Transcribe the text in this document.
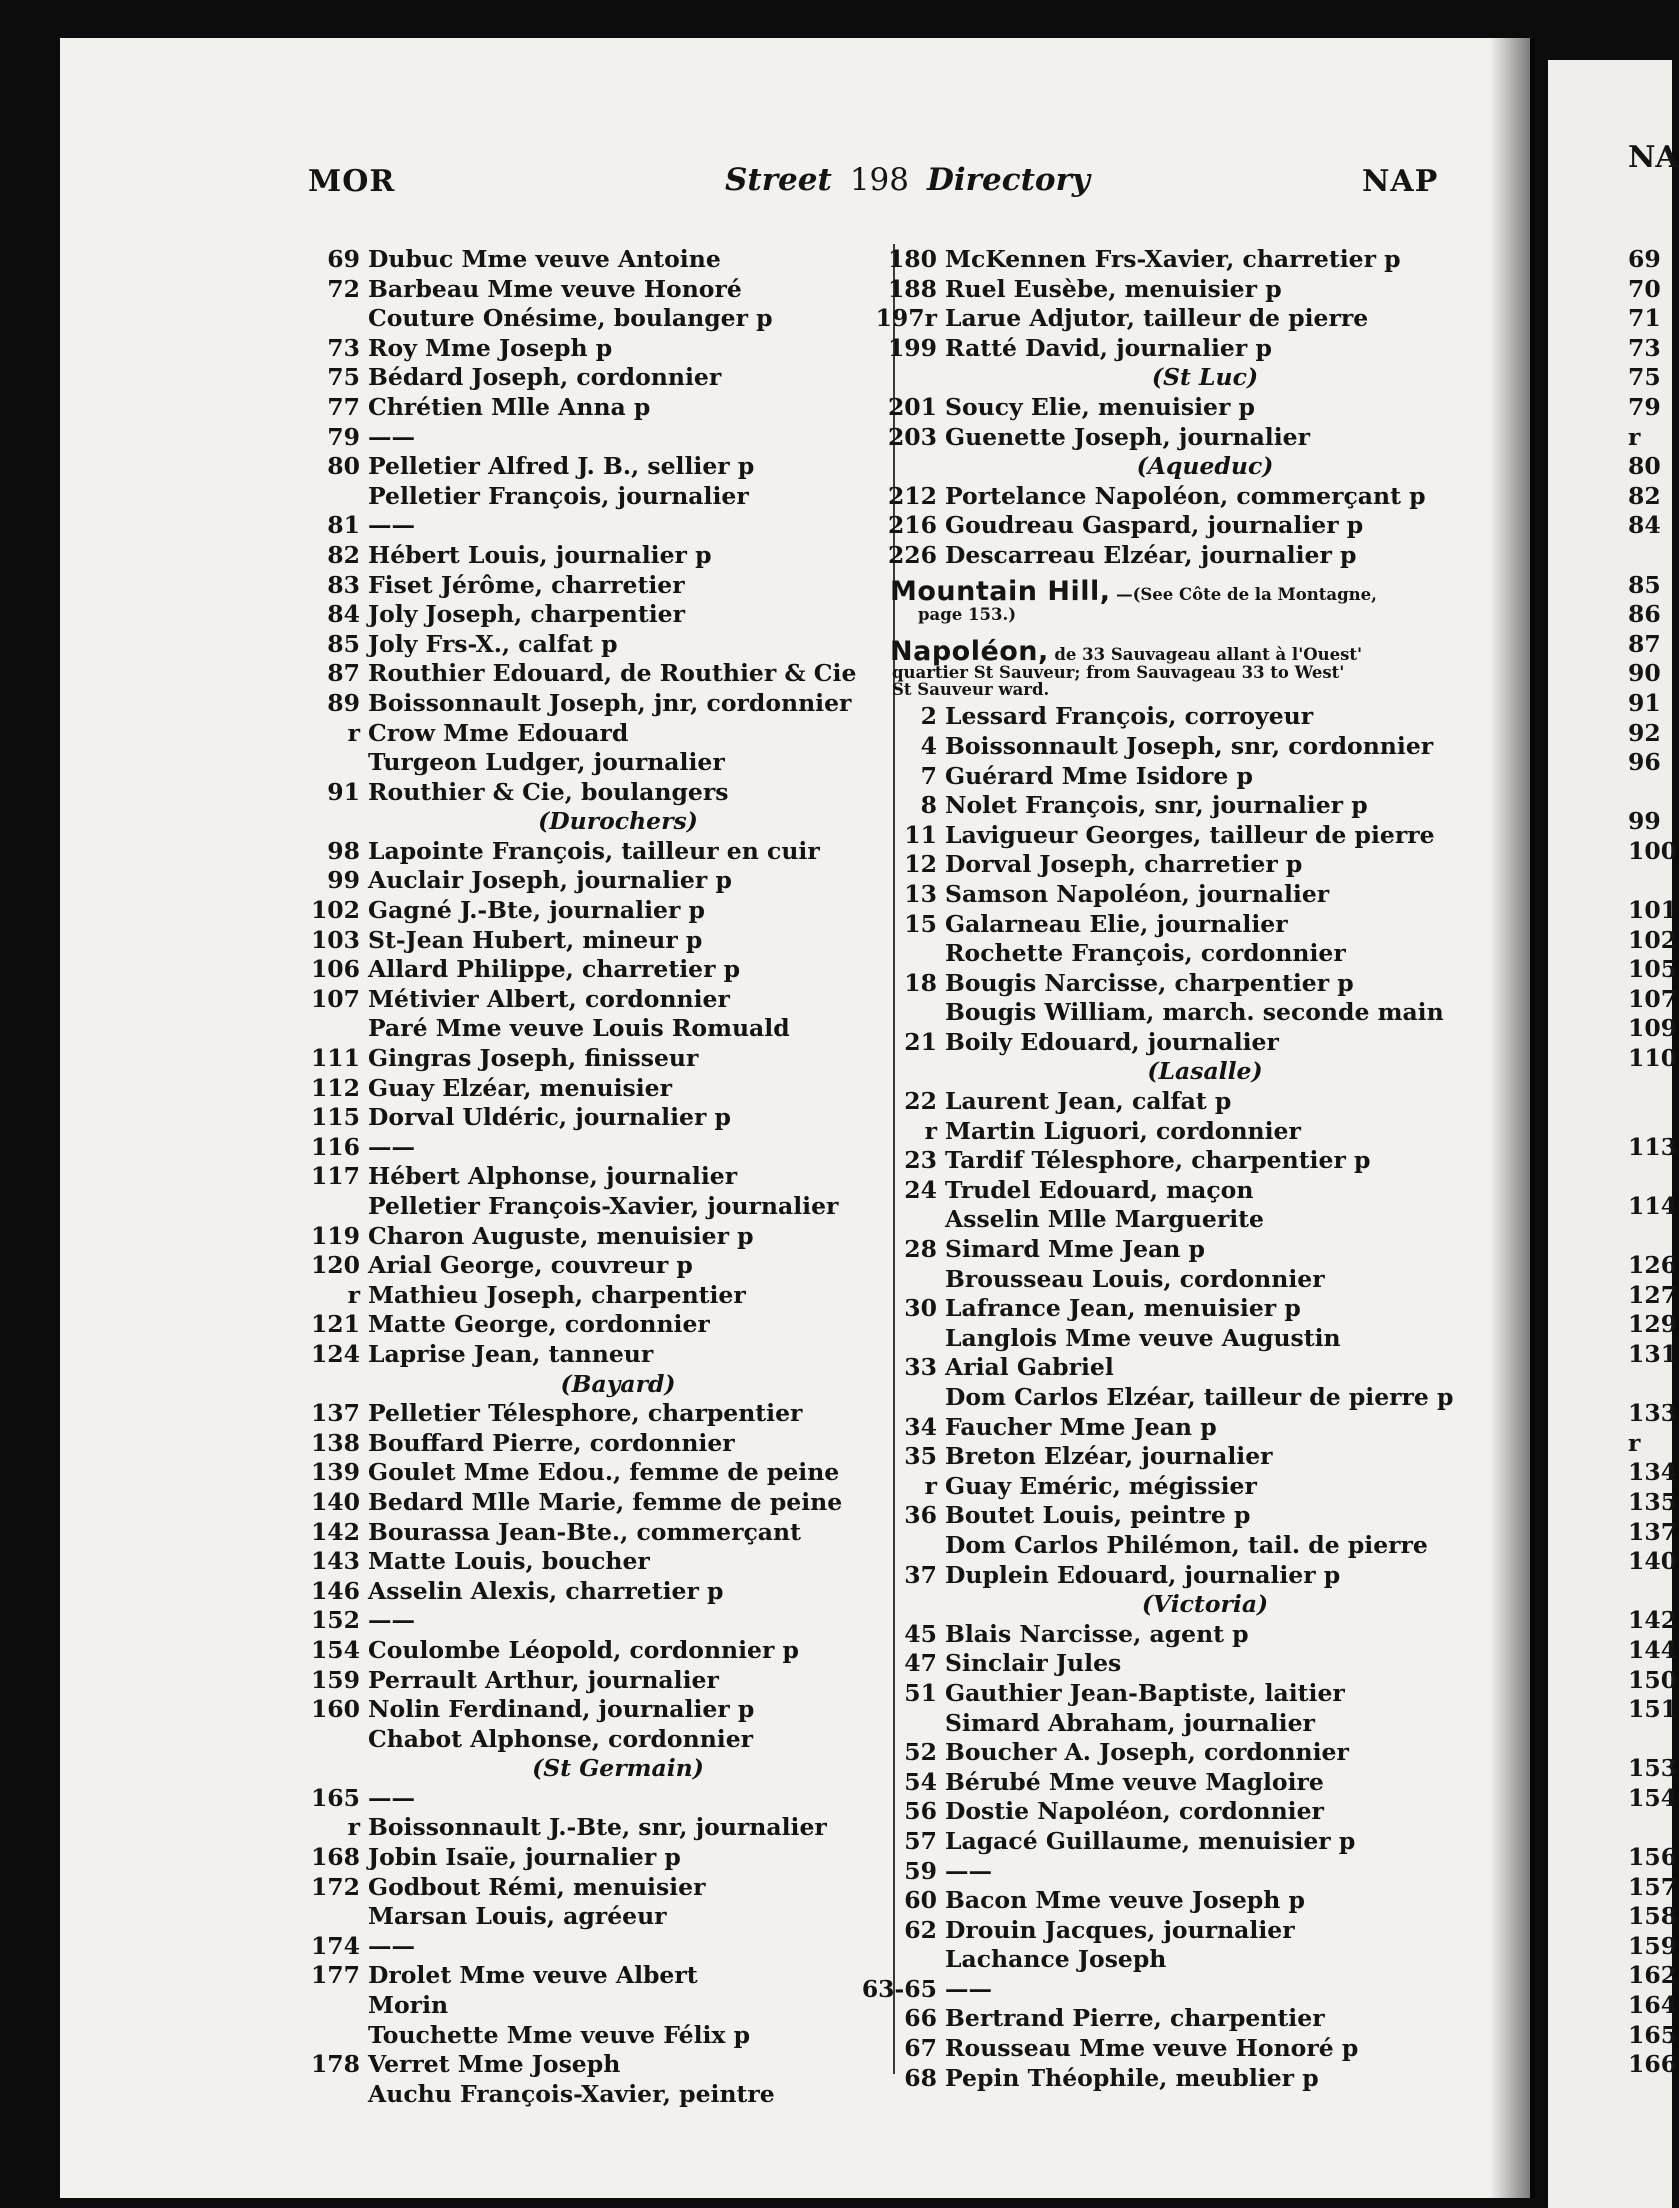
MOR	Street 198 Directory	NAP
69 Dubuc Mme veuve Antoine
72 Barbeau Mme veuve Honoré
Couture Onésime, boulanger p
73 Roy Mme Joseph p
75 Bédard Joseph, cordonnier
77 Chrétien Mlle Anna p
79 ——
80 Pelletier Alfred J. B., sellier p
Pelletier François, journalier
81 ——
82 Hébert Louis, journalier p
83 Fiset Jérôme, charretier
84 Joly Joseph, charpentier
85 Joly Frs-X., calfat p
87 Routhier Edouard, de Routhier & Cie
89 Boissonnault Joseph, jnr, cordonnier
r Crow Mme Edouard
Turgeon Ludger, journalier
91 Routhier & Cie, boulangers
(Durochers)
98 Lapointe François, tailleur en cuir
99 Auclair Joseph, journalier p
102 Gagné J.-Bte, journalier p
103 St-Jean Hubert, mineur p
106 Allard Philippe, charretier p
107 Métivier Albert, cordonnier
Paré Mme veuve Louis Romuald
111 Gingras Joseph, finisseur
112 Guay Elzéar, menuisier
115 Dorval Uldéric, journalier p
116 ——
117 Hébert Alphonse, journalier
Pelletier François-Xavier, journalier
119 Charon Auguste, menuisier p
120 Arial George, couvreur p
r Mathieu Joseph, charpentier
121 Matte George, cordonnier
124 Laprise Jean, tanneur
(Bayard)
137 Pelletier Télesphore, charpentier
138 Bouffard Pierre, cordonnier
139 Goulet Mme Edou., femme de peine
140 Bedard Mlle Marie, femme de peine
142 Bourassa Jean-Bte., commerçant
143 Matte Louis, boucher
146 Asselin Alexis, charretier p
152 ——
154 Coulombe Léopold, cordonnier p
159 Perrault Arthur, journalier
160 Nolin Ferdinand, journalier p
Chabot Alphonse, cordonnier
(St Germain)
165 ——
r Boissonnault J.-Bte, snr, journalier
168 Jobin Isaïe, journalier p
172 Godbout Rémi, menuisier
Marsan Louis, agréeur
174 ——
177 Drolet Mme veuve Albert
Morin
Touchette Mme veuve Félix p
178 Verret Mme Joseph
Auchu François-Xavier, peintre
180 McKennen Frs-Xavier, charretier p
188 Ruel Eusèbe, menuisier p
197r Larue Adjutor, tailleur de pierre
199 Ratté David, journalier p
(St Luc)
201 Soucy Elie, menuisier p
203 Guenette Joseph, journalier
(Aqueduc)
212 Portelance Napoléon, commerçant p
216 Goudreau Gaspard, journalier p
226 Descarreau Elzéar, journalier p
Mountain Hill, —(See Côte de la Montagne,
page 153.)
Napoléon, de 33 Sauvageau allant à l'Ouest'
quartier St Sauveur; from Sauvageau 33 to West'
St Sauveur ward.
2 Lessard François, corroyeur
4 Boissonnault Joseph, snr, cordonnier
7 Guérard Mme Isidore p
8 Nolet François, snr, journalier p
11 Lavigueur Georges, tailleur de pierre
12 Dorval Joseph, charretier p
13 Samson Napoléon, journalier
15 Galarneau Elie, journalier
Rochette François, cordonnier
18 Bougis Narcisse, charpentier p
Bougis William, march. seconde main
21 Boily Edouard, journalier
(Lasalle)
22 Laurent Jean, calfat p
r Martin Liguori, cordonnier
23 Tardif Télesphore, charpentier p
24 Trudel Edouard, maçon
Asselin Mlle Marguerite
28 Simard Mme Jean p
Brousseau Louis, cordonnier
30 Lafrance Jean, menuisier p
Langlois Mme veuve Augustin
33 Arial Gabriel
Dom Carlos Elzéar, tailleur de pierre p
34 Faucher Mme Jean p
35 Breton Elzéar, journalier
r Guay Eméric, mégissier
36 Boutet Louis, peintre p
Dom Carlos Philémon, tail. de pierre
37 Duplein Edouard, journalier p
(Victoria)
45 Blais Narcisse, agent p
47 Sinclair Jules
51 Gauthier Jean-Baptiste, laitier
Simard Abraham, journalier
52 Boucher A. Joseph, cordonnier
54 Bérubé Mme veuve Magloire
56 Dostie Napoléon, cordonnier
57 Lagacé Guillaume, menuisier p
59 ——
60 Bacon Mme veuve Joseph p
62 Drouin Jacques, journalier
Lachance Joseph
63-65 ——
66 Bertrand Pierre, charpentier
67 Rousseau Mme veuve Honoré p
68 Pepin Théophile, meublier p
NA
69
70
71
73
75
79
r
80
82
84
85
86
87
90
91
92
96
99
100
101
102
105
107
109
110
113
114
126
127
129
131
133
r
134
135
137
140
142
144
150
151
153
154
156
157
158
159
162
164
165
166
